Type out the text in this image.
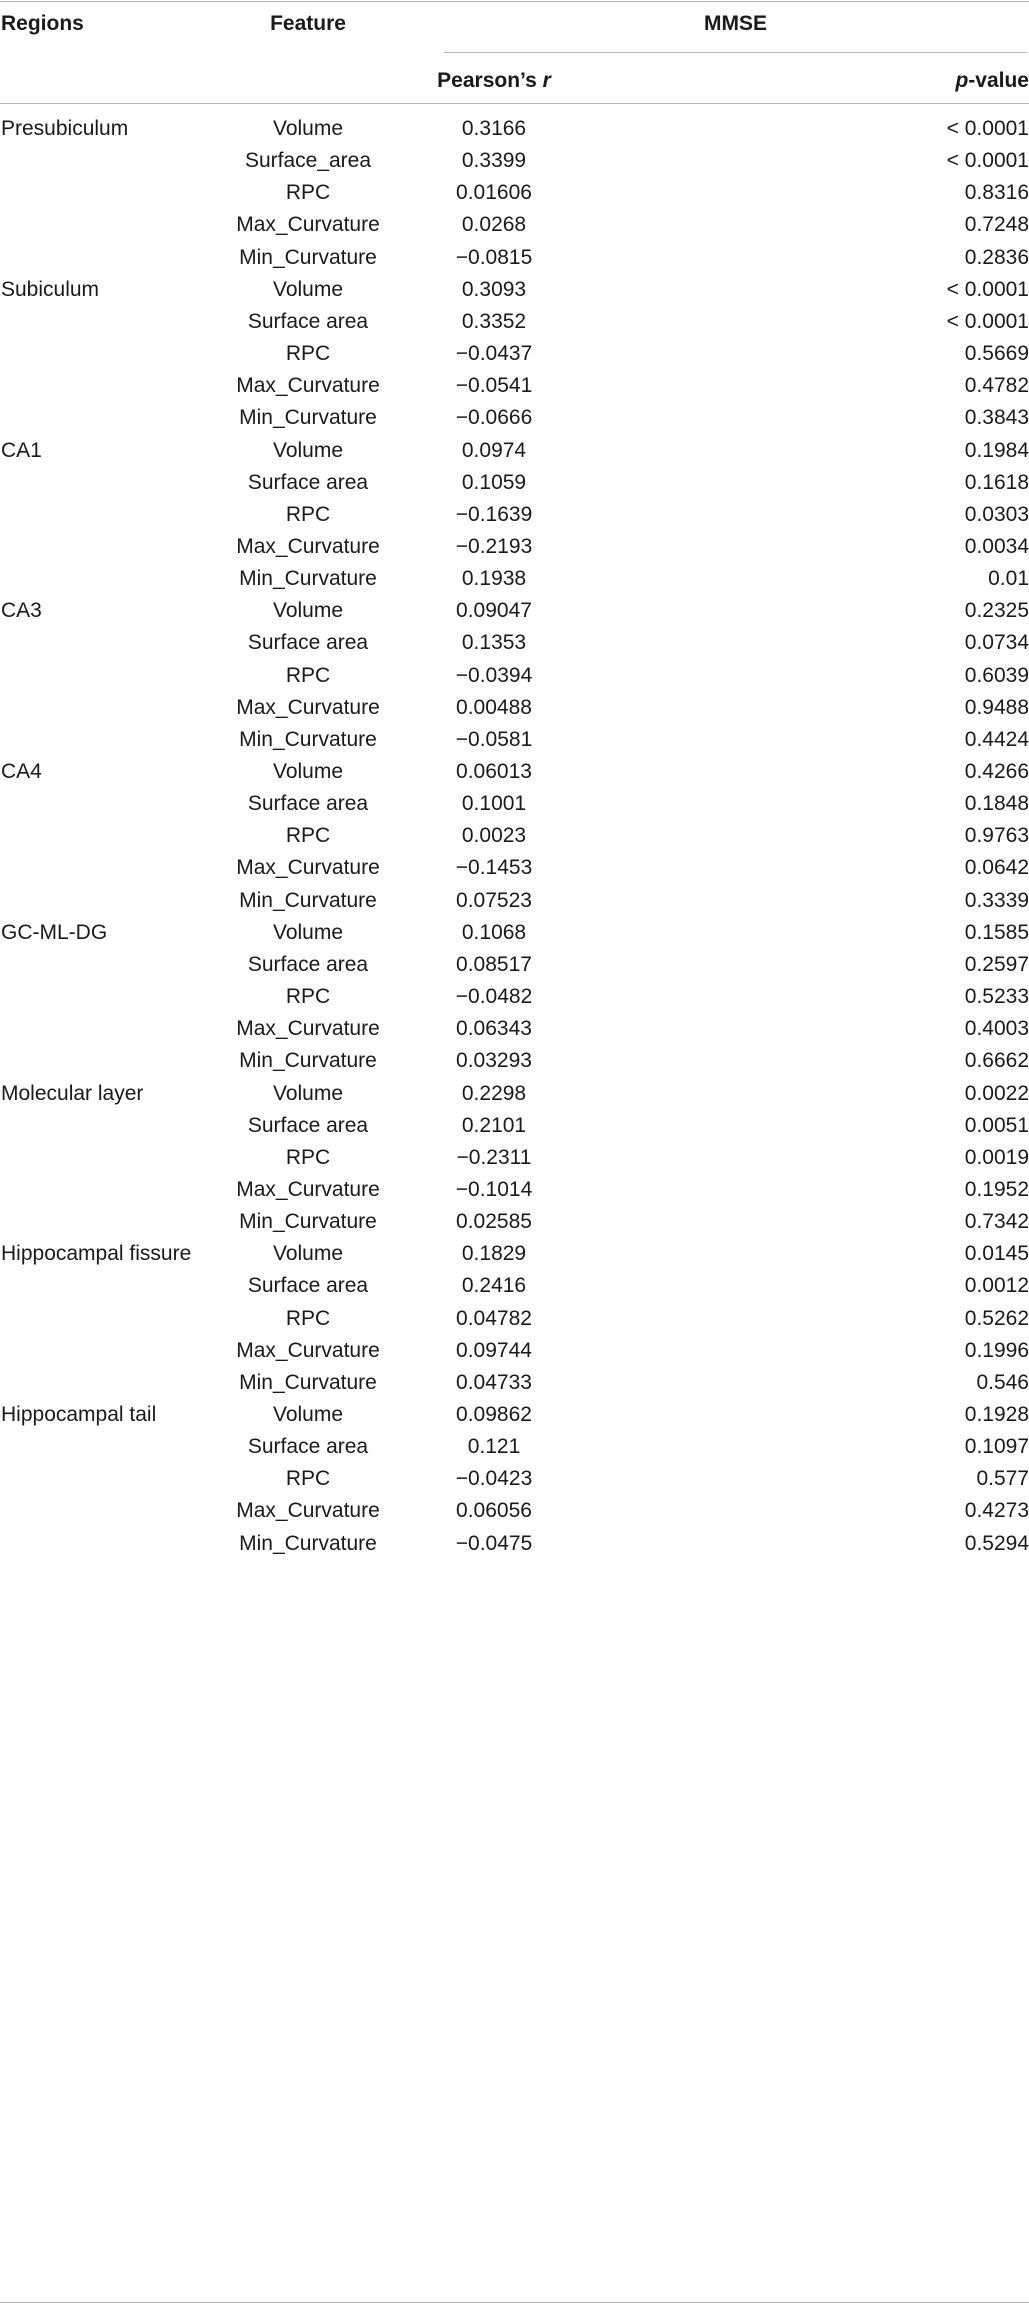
Regions	Feature	MMSE
Pearson’s r	p-value
Presubiculum	Volume	0.3166	< 0.0001
Surface_area	0.3399	< 0.0001
RPC	0.01606	0.8316
Max_Curvature	0.0268	0.7248
Min_Curvature	−0.0815	0.2836
Subiculum	Volume	0.3093	< 0.0001
Surface area	0.3352	< 0.0001
RPC	−0.0437	0.5669
Max_Curvature	−0.0541	0.4782
Min_Curvature	−0.0666	0.3843
CA1	Volume	0.0974	0.1984
Surface area	0.1059	0.1618
RPC	−0.1639	0.0303
Max_Curvature	−0.2193	0.0034
Min_Curvature	0.1938	0.01
CA3	Volume	0.09047	0.2325
Surface area	0.1353	0.0734
RPC	−0.0394	0.6039
Max_Curvature	0.00488	0.9488
Min_Curvature	−0.0581	0.4424
CA4	Volume	0.06013	0.4266
Surface area	0.1001	0.1848
RPC	0.0023	0.9763
Max_Curvature	−0.1453	0.0642
Min_Curvature	0.07523	0.3339
GC-ML-DG	Volume	0.1068	0.1585
Surface area	0.08517	0.2597
RPC	−0.0482	0.5233
Max_Curvature	0.06343	0.4003
Min_Curvature	0.03293	0.6662
Molecular layer	Volume	0.2298	0.0022
Surface area	0.2101	0.0051
RPC	−0.2311	0.0019
Max_Curvature	−0.1014	0.1952
Min_Curvature	0.02585	0.7342
Hippocampal fissure	Volume	0.1829	0.0145
Surface area	0.2416	0.0012
RPC	0.04782	0.5262
Max_Curvature	0.09744	0.1996
Min_Curvature	0.04733	0.546
Hippocampal tail	Volume	0.09862	0.1928
Surface area	0.121	0.1097
RPC	−0.0423	0.577
Max_Curvature	0.06056	0.4273
Min_Curvature	−0.0475	0.5294
